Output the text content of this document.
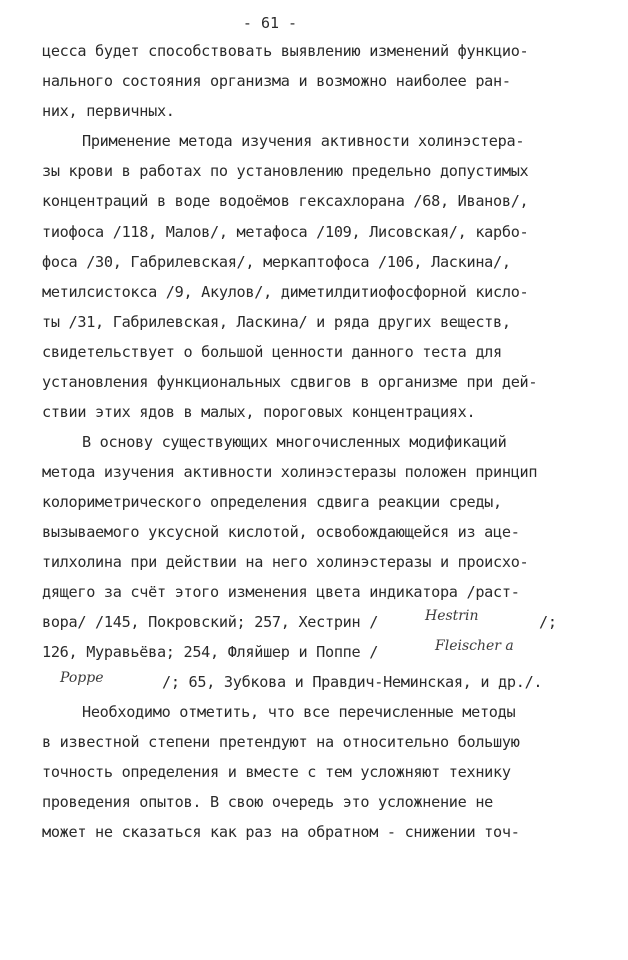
- 61 -
цесса будет способствовать выявлению изменений функцио-
нального состояния организма и возможно наиболее ран-
них, первичных.
Применение метода изучения активности холинэстера-
зы крови в работах по установлению предельно допустимых
концентраций в воде водоёмов гексахлорана /68, Иванов/,
тиофоса /118, Малов/, метафоса /109, Лисовская/, карбо-
фоса /30, Габрилевская/, меркаптофоса /106, Ласкина/,
метилсистокса /9, Акулов/, диметилдитиофосфорной кисло-
ты /31, Габрилевская, Ласкина/ и ряда других веществ,
свидетельствует о большой ценности данного теста для
установления функциональных сдвигов в организме при дей-
ствии этих ядов в малых, пороговых концентрациях.
В основу существующих многочисленных модификаций
метода изучения активности холинэстеразы положен принцип
колориметрического определения сдвига реакции среды,
вызываемого уксусной кислотой, освобождающейся из аце-
тилхолина при действии на него холинэстеразы и происхо-
дящего за счёт этого изменения цвета индикатора /раст-
вора/ /145, Покровский; 257, Хестрин /	Hestrin	/;
126, Муравьёва; 254, Фляйшер и Поппе /	Fleischer a
Poppe	/; 65, Зубкова и Правдич-Неминская, и др./.
Необходимо отметить, что все перечисленные методы
в известной степени претендуют на относительно большую
точность определения и вместе с тем усложняют технику
проведения опытов. В свою очередь это усложнение не
может не сказаться как раз на обратном - снижении точ-
